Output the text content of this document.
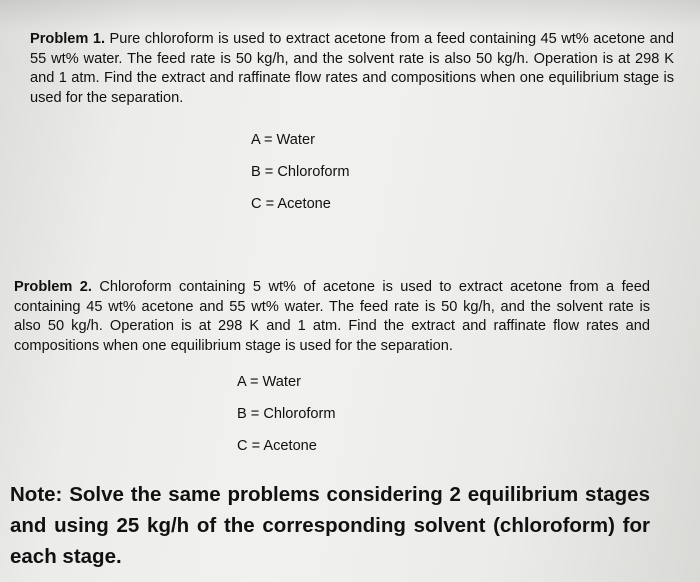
Problem 1. Pure chloroform is used to extract acetone from a feed containing 45 wt% acetone and 55 wt% water. The feed rate is 50 kg/h, and the solvent rate is also 50 kg/h. Operation is at 298 K and 1 atm. Find the extract and raffinate flow rates and compositions when one equilibrium stage is used for the separation.
A = Water
B = Chloroform
C = Acetone
Problem 2. Chloroform containing 5 wt% of acetone is used to extract acetone from a feed containing 45 wt% acetone and 55 wt% water. The feed rate is 50 kg/h, and the solvent rate is also 50 kg/h. Operation is at 298 K and 1 atm. Find the extract and raffinate flow rates and compositions when one equilibrium stage is used for the separation.
A = Water
B = Chloroform
C = Acetone
Note: Solve the same problems considering 2 equilibrium stages and using 25 kg/h of the corresponding solvent (chloroform) for each stage.
